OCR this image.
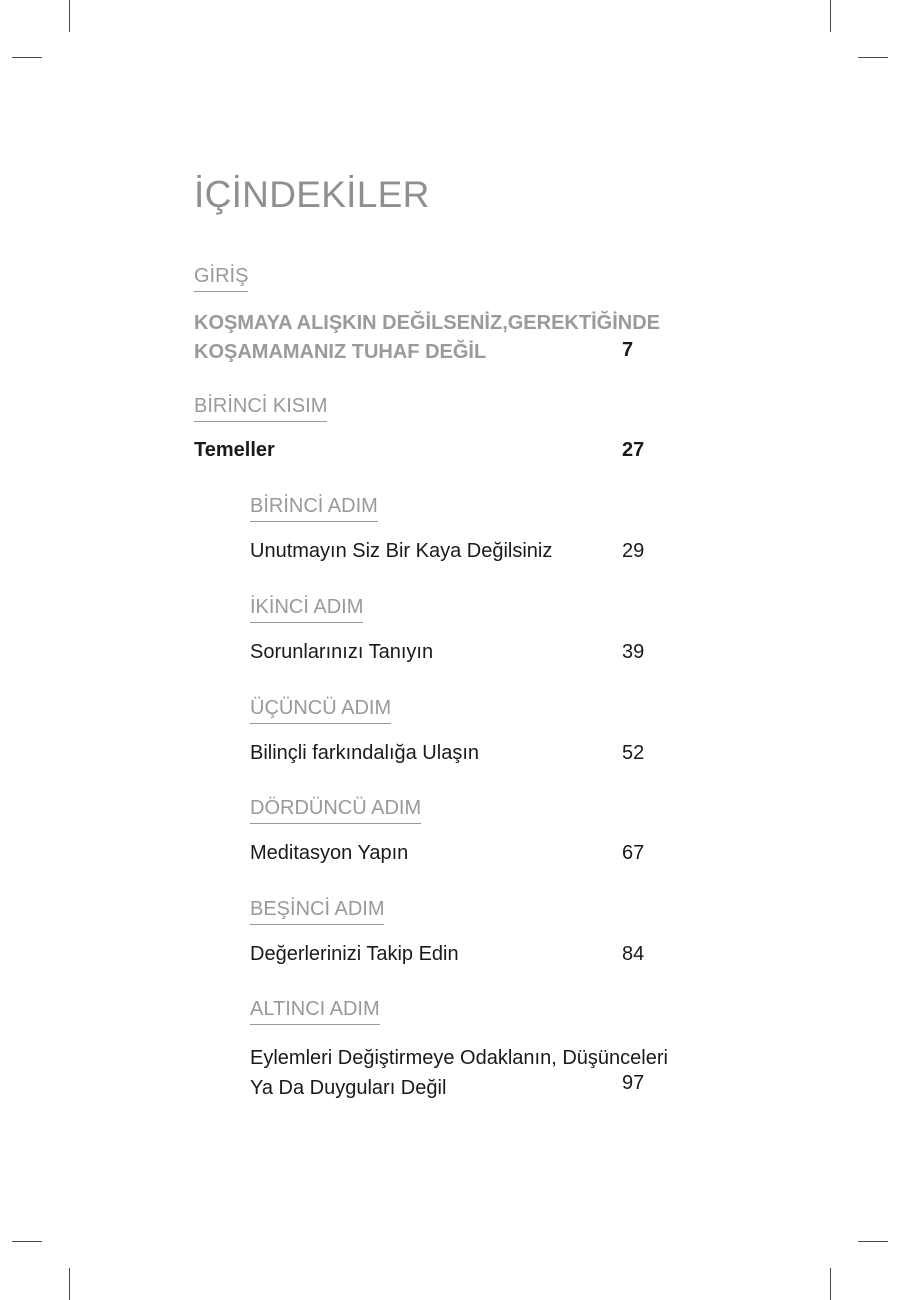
İÇİNDEKİLER
GİRİŞ
KOŞMAYA ALIŞKIN DEĞİLSENİZ,GEREKTİĞİNDE
KOŞAMAMANIZ TUHAF DEĞİL	7
BİRİNCİ KISIM
Temeller	27
BİRİNCİ ADIM
Unutmayın Siz Bir Kaya Değilsiniz	29
İKİNCİ ADIM
Sorunlarınızı Tanıyın	39
ÜÇÜNCÜ ADIM
Bilinçli farkındalığa Ulaşın	52
DÖRDÜNCÜ ADIM
Meditasyon Yapın	67
BEŞİNCİ ADIM
Değerlerinizi Takip Edin	84
ALTINCI ADIM
Eylemleri Değiştirmeye Odaklanın, Düşünceleri
Ya Da Duyguları Değil	97
